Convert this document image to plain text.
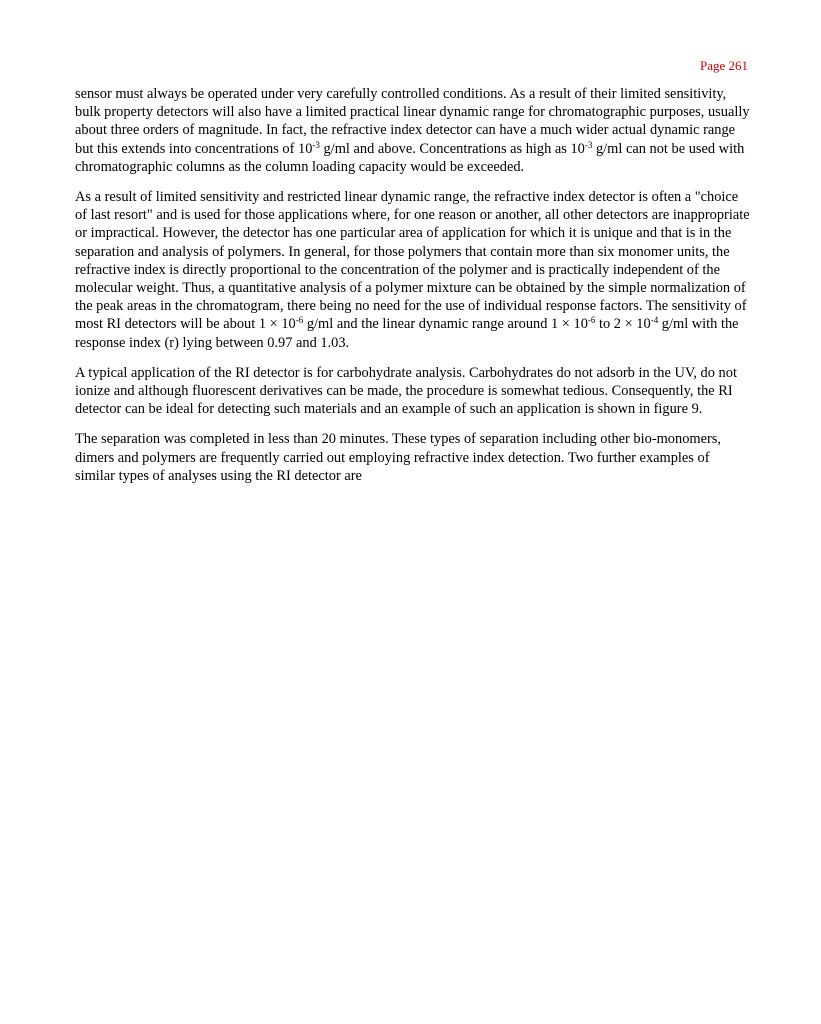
Page 261

sensor must always be operated under very carefully controlled conditions. As a result of their limited sensitivity, bulk property detectors will also have a limited practical linear dynamic range for chromatographic purposes, usually about three orders of magnitude. In fact, the refractive index detector can have a much wider actual dynamic range but this extends into concentrations of $10^{-3}$ g/ml and above. Concentrations as high as $10^{-3}$ g/ml can not be used with chromatographic columns as the column loading capacity would be exceeded.

As a result of limited sensitivity and restricted linear dynamic range, the refractive index detector is often a "choice of last resort" and is used for those applications where, for one reason or another, all other detectors are inappropriate or impractical. However, the detector has one particular area of application for which it is unique and that is in the separation and analysis of polymers. In general, for those polymers that contain more than six monomer units, the refractive index is directly proportional to the concentration of the polymer and is practically independent of the molecular weight. Thus, a quantitative analysis of a polymer mixture can be obtained by the simple normalization of the peak areas in the chromatogram, there being no need for the use of individual response factors. The sensitivity of most RI detectors will be about $1 \times 10^{-6}$ g/ml and the linear dynamic range around $1 \times 10^{-6}$ to $2 \times 10^{-4}$ g/ml with the response index (r) lying between 0.97 and 1.03.

A typical application of the RI detector is for carbohydrate analysis. Carbohydrates do not adsorb in the UV, do not ionize and although fluorescent derivatives can be made, the procedure is somewhat tedious. Consequently, the RI detector can be ideal for detecting such materials and an example of such an application is shown in figure 9.

The separation was completed in less than 20 minutes. These types of separation including other bio-monomers, dimers and polymers are frequently carried out employing refractive index detection. Two further examples of similar types of analyses using the RI detector are
